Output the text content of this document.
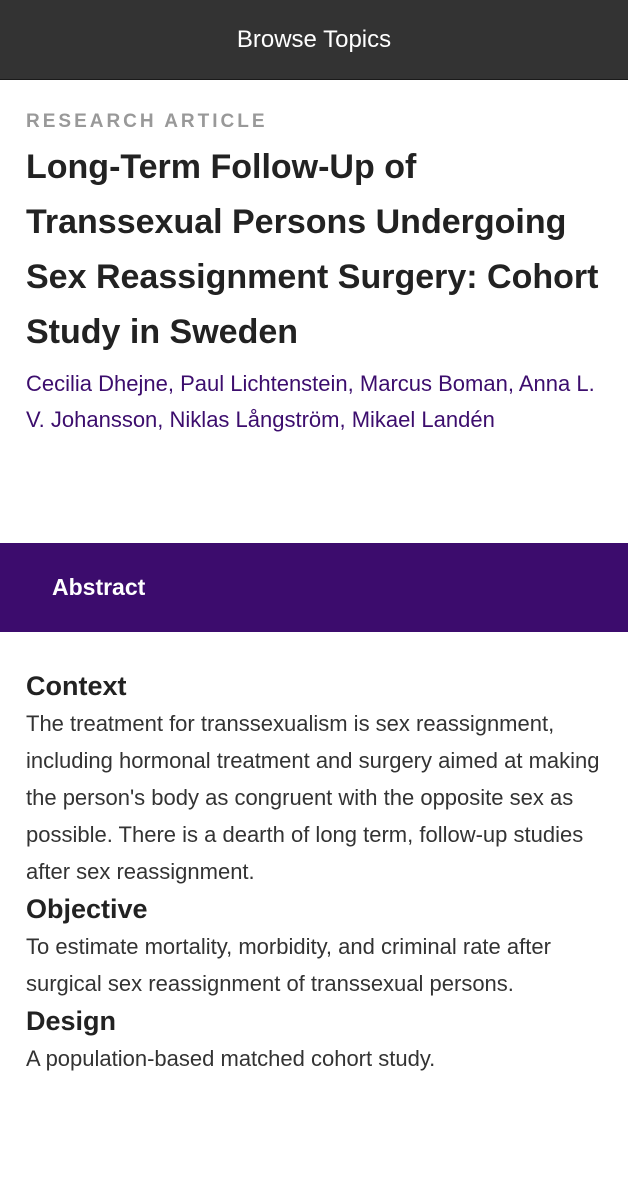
Browse Topics
RESEARCH ARTICLE
Long-Term Follow-Up of Transsexual Persons Undergoing Sex Reassignment Surgery: Cohort Study in Sweden
Cecilia Dhejne, Paul Lichtenstein, Marcus Boman, Anna L. V. Johansson, Niklas Långström, Mikael Landén
Abstract
Context

The treatment for transsexualism is sex reassignment, including hormonal treatment and surgery aimed at making the person's body as congruent with the opposite sex as possible. There is a dearth of long term, follow-up studies after sex reassignment.

Objective

To estimate mortality, morbidity, and criminal rate after surgical sex reassignment of transsexual persons.

Design

A population-based matched cohort study.
